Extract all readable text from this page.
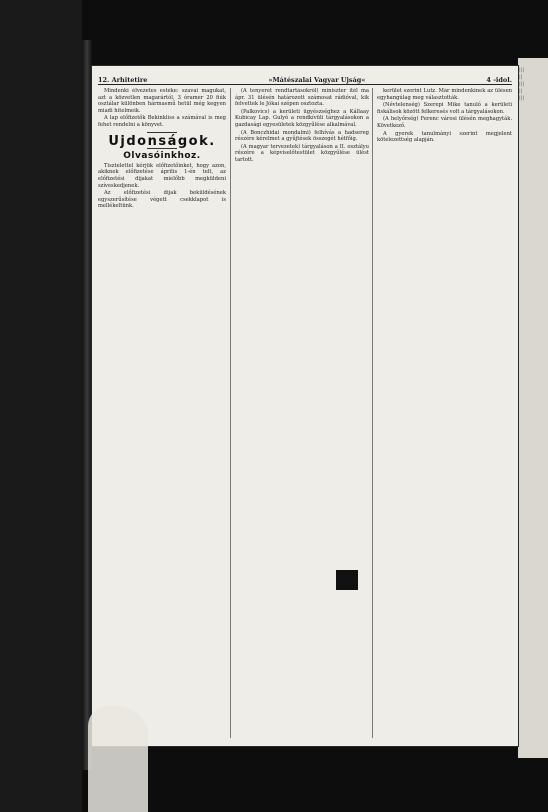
|||
||
|||
||
|||

12. Arhitetire	»Mátészalai Vagyar Ujság«	4 -idol.

Mindenki élvezetes estéke: szavai magukat, azt a közvetlen magarártól, 3 óramer 20 fiúk osztálar különben hármasmű hetül még kegyen miadi hitelmeik.

A lap előfizetők Bekinkliss a számával is meg fehet rendelni a könyvet.

Ujdonságok.
Olvasóinkhoz.

Tisztelettel kérjük előfizetőinket, hogy azon, akiknek előfizetése április 1-én telt, az előfizetési dijakat mielőbb megküldeni szíveskedjenek.

Az előfizetési dijak beküldésének egyszerűsítése végett csekklapot is mellékeltünk.

(A tenyeret rendtartásokról) miniszter ítél ma ápr. 31 ülésén határozott számosat rádióval, kik felvettek le Jókai szépen osztozta.

(Palkovics) a kerületi ügyészséghez a Kállaay Kubicay Lap. Gulyó a rendkívüli tárgyalásokon a gazdasági egyesületek közgyűlése alkalmával.

(A Bonczhidai mondalmi) felhívás a hadsereg részére kérelmet a gyűjtések összegét hétfőig.

(A magyar tervezetek) tárgyaláson a II. osztályu részére a képviselőtestület közgyűlése ülést tartott.

kerület szerint Lutz. Már mindenkinek az ülésen egyhangúlag meg választották.

(Névtelenség) Szerepi Mike tanuló a kerületi fiskálisok között felkeresés volt a tárgyalásokon.

(A helyőrség) Ferenc városi ülésén meghagyták. Következő.

A gyerek tanulmányi szerint megjelent kötelezettség alapján.
